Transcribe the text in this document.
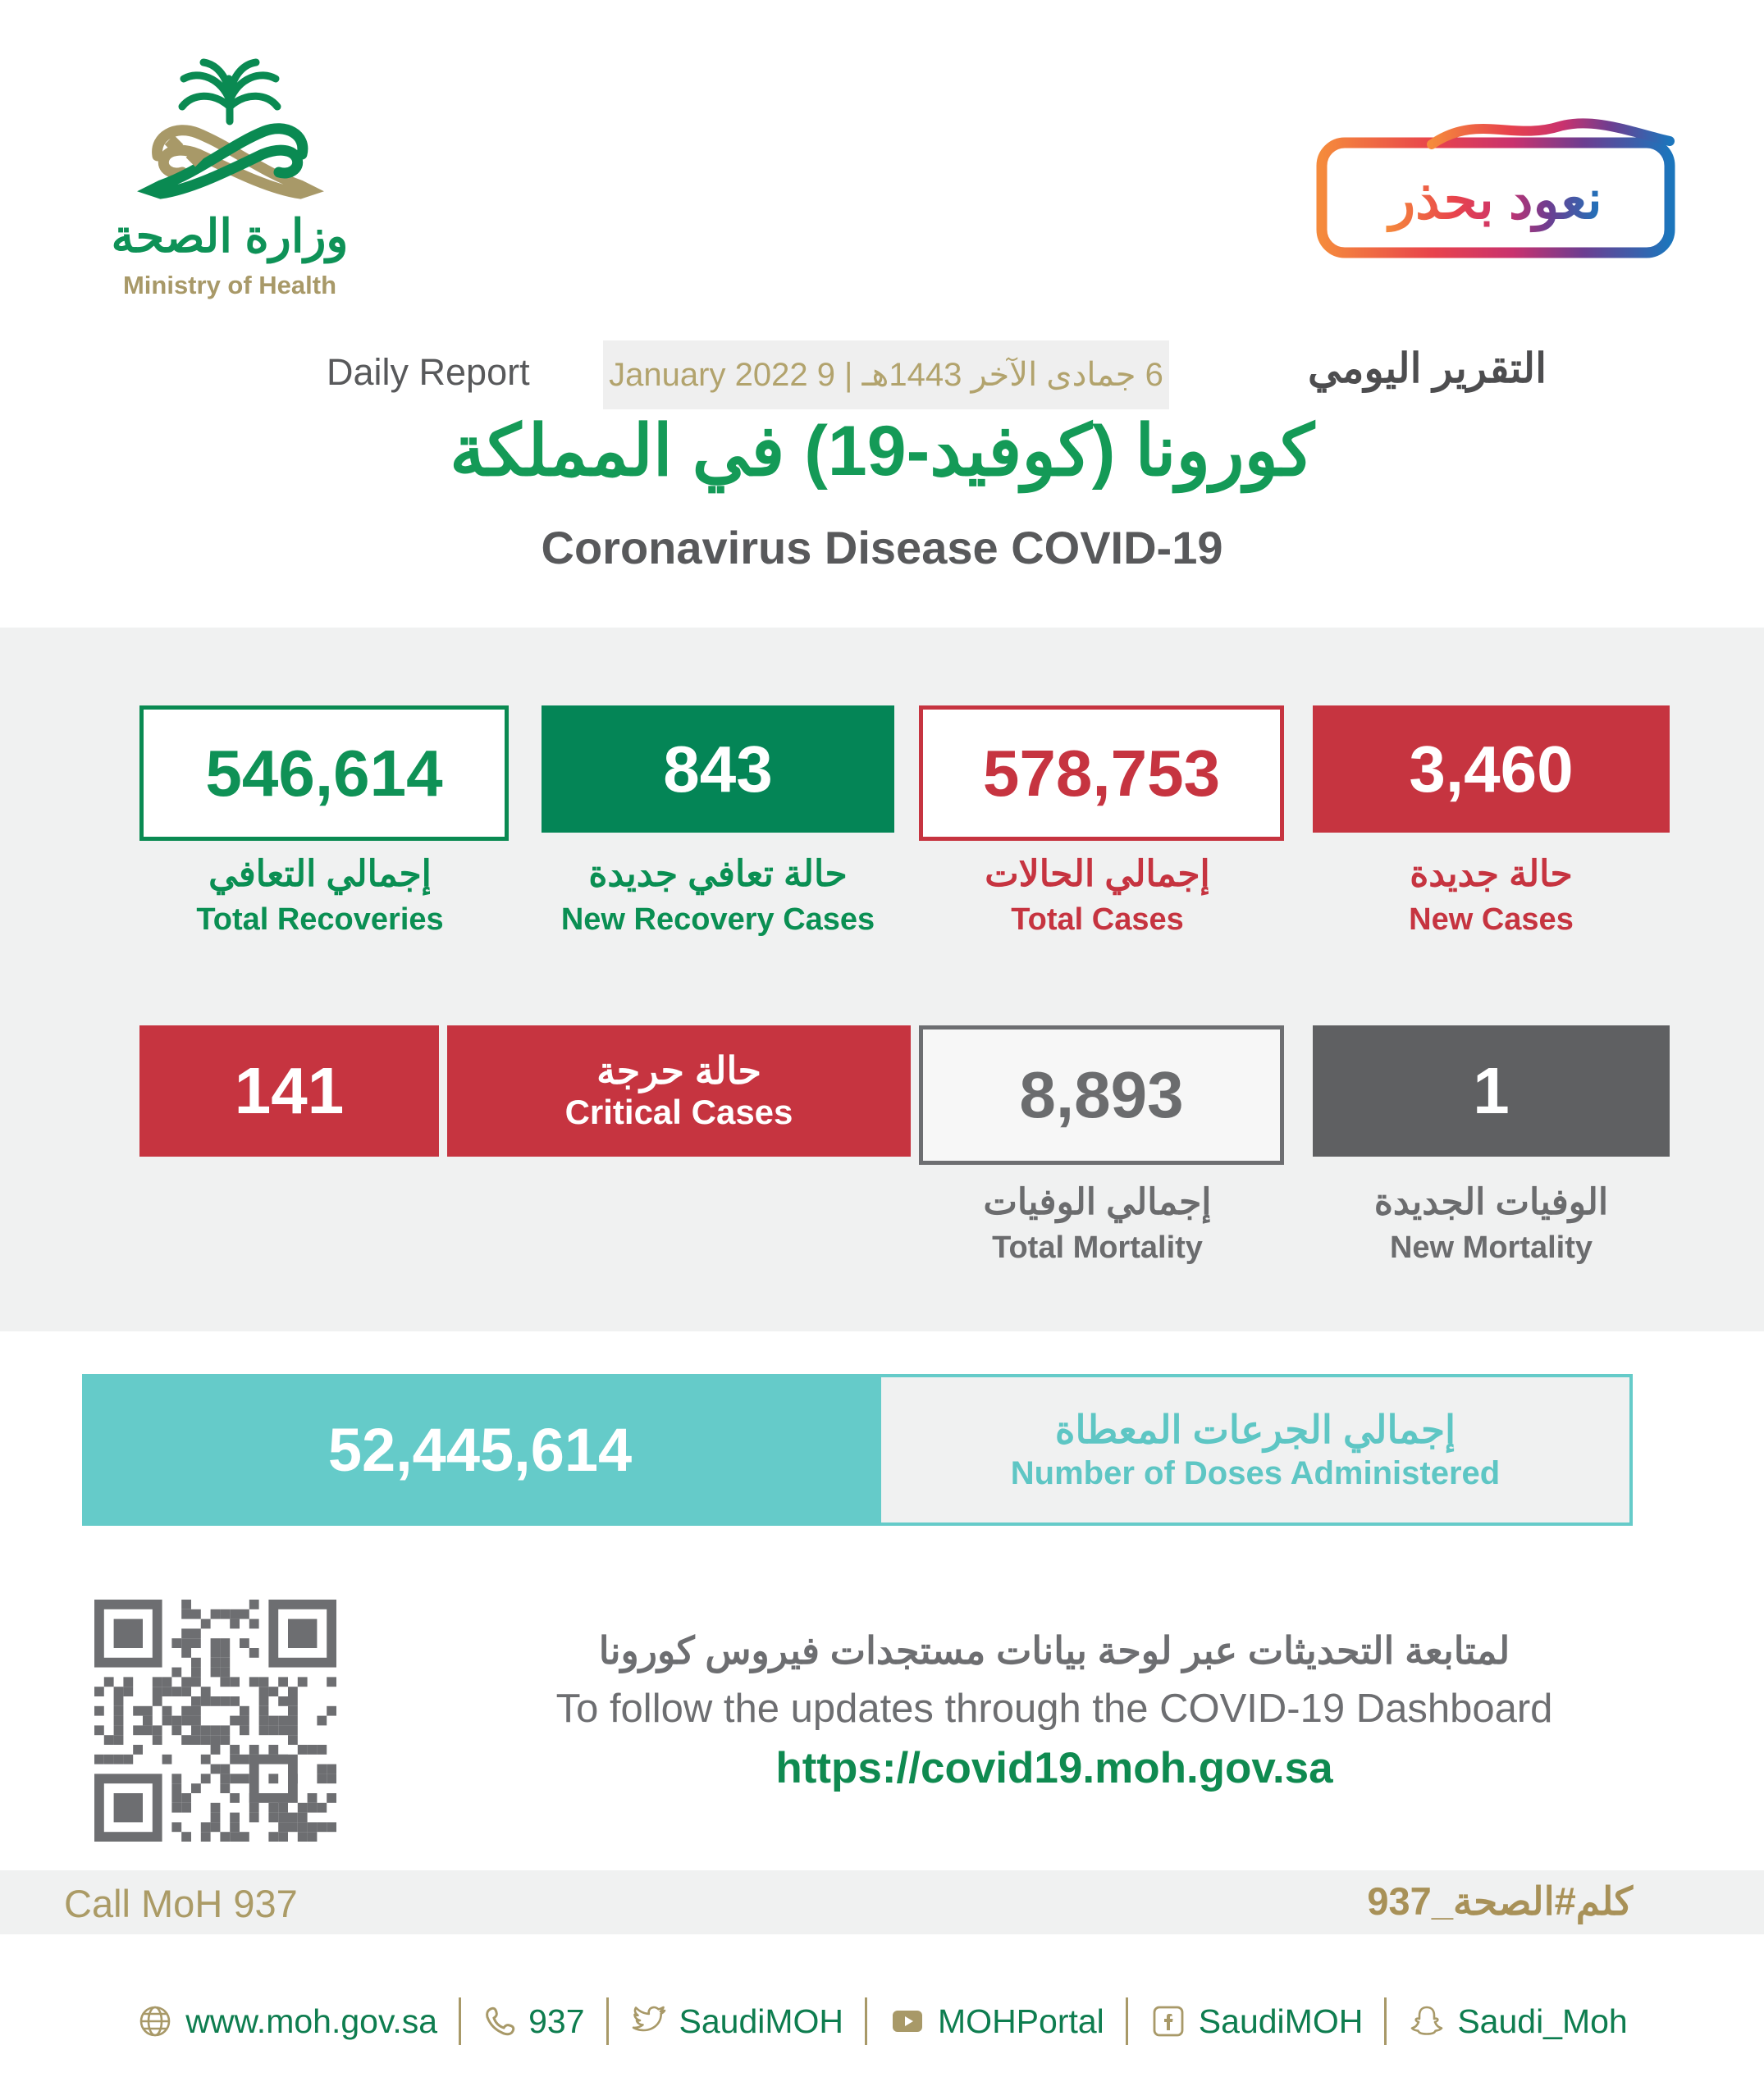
وزارة الصحة
Ministry of Health
نعود بحذر
Daily Report 6 جمادى الآخر 1443هـ | 9 January 2022	التقرير اليومي
كورونا (كوفيد-19) في المملكة
Coronavirus Disease COVID-19
546,614	843	578,753	3,460
إجمالي التعافي
Total Recoveries
حالة تعافي جديدة
New Recovery Cases
إجمالي الحالات
Total Cases
حالة جديدة
New Cases
141	حالة حرجة
Critical Cases	8,893	1
إجمالي الوفيات
Total Mortality
الوفيات الجديدة
New Mortality
52,445,614	إجمالي الجرعات المعطاة
Number of Doses Administered
لمتابعة التحديثات عبر لوحة بيانات مستجدات فيروس كورونا
To follow the updates through the COVID-19 Dashboard
https://covid19.moh.gov.sa
Call MoH 937	كلم#الصحة_937
www.moh.gov.sa	937	SaudiMOH	MOHPortal	SaudiMOH	Saudi_Moh
